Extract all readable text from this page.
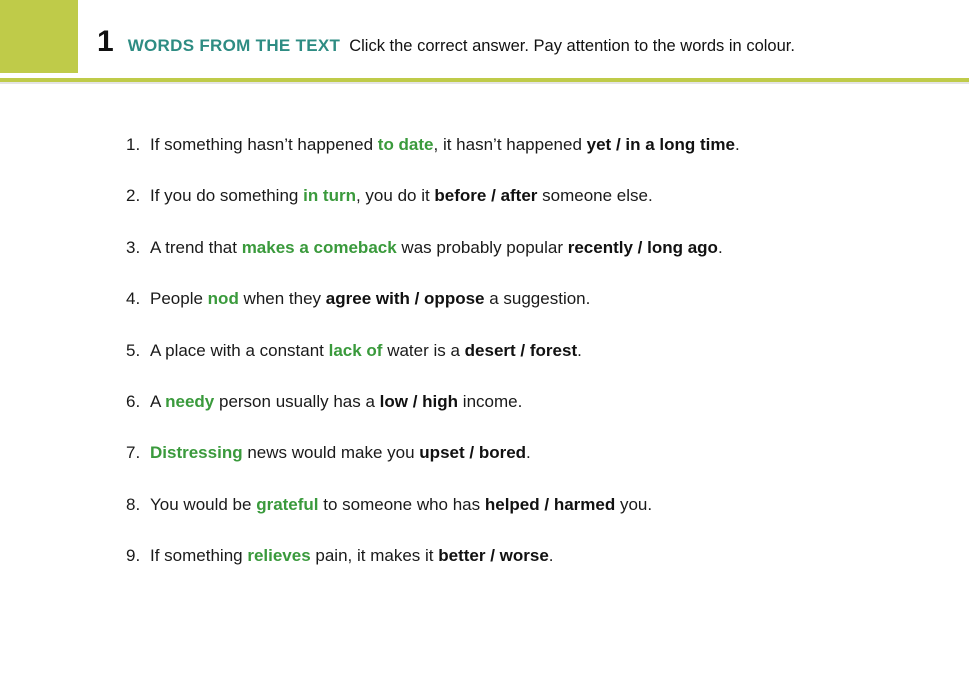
1 WORDS FROM THE TEXT Click the correct answer. Pay attention to the words in colour.
1. If something hasn’t happened to date, it hasn’t happened yet / in a long time.
2. If you do something in turn, you do it before / after someone else.
3. A trend that makes a comeback was probably popular recently / long ago.
4. People nod when they agree with / oppose a suggestion.
5. A place with a constant lack of water is a desert / forest.
6. A needy person usually has a low / high income.
7. Distressing news would make you upset / bored.
8. You would be grateful to someone who has helped / harmed you.
9. If something relieves pain, it makes it better / worse.
